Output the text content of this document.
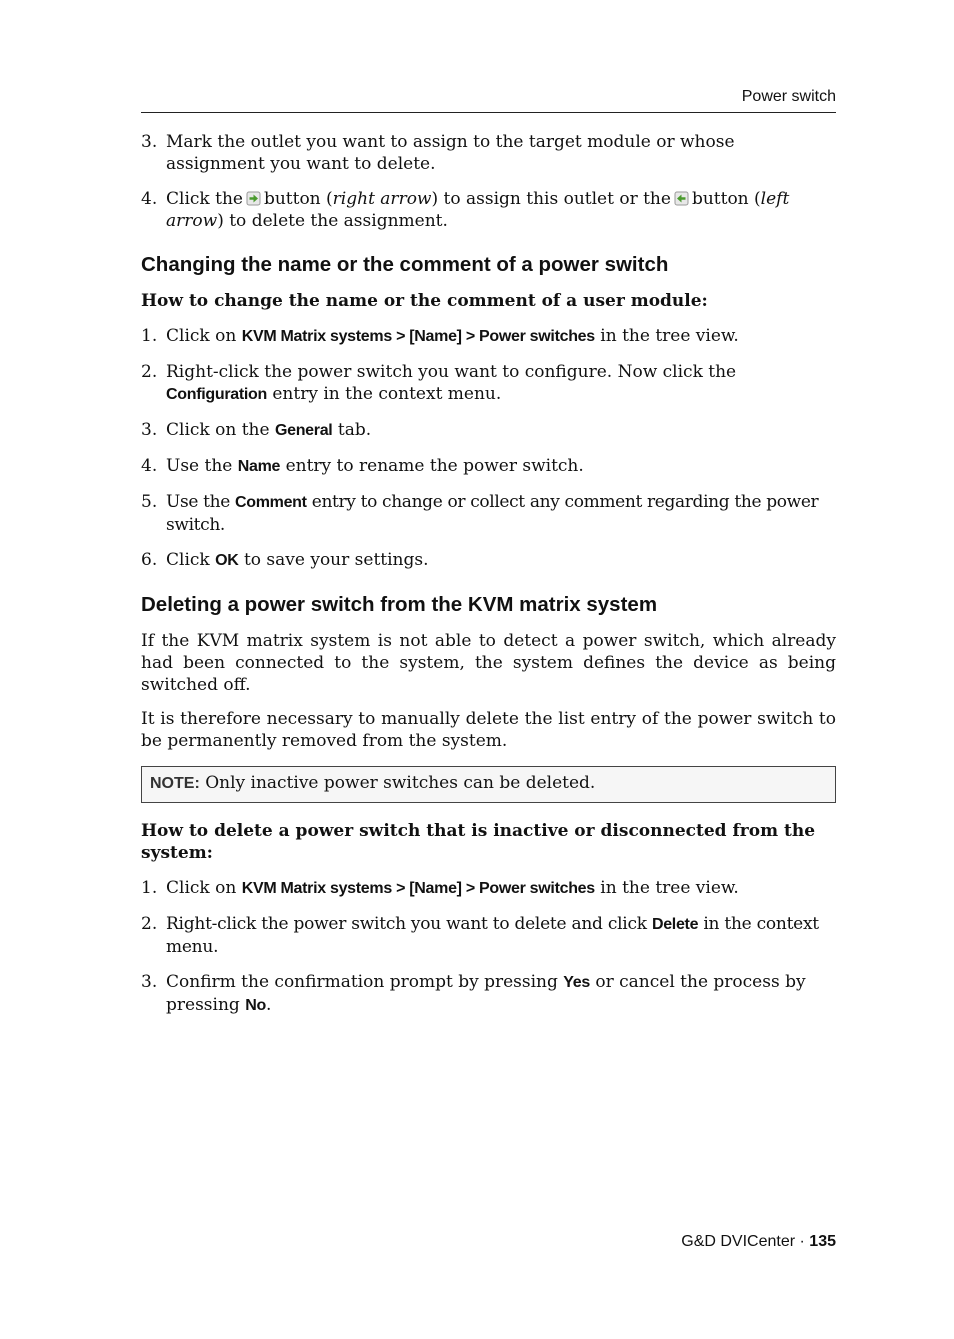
Power switch
3. Mark the outlet you want to assign to the target module or whose assignment you want to delete.
4. Click the button (right arrow) to assign this outlet or the button (left arrow) to delete the assignment.
Changing the name or the comment of a power switch
How to change the name or the comment of a user module:
1. Click on KVM Matrix systems > [Name] > Power switches in the tree view.
2. Right-click the power switch you want to configure. Now click the Configuration entry in the context menu.
3. Click on the General tab.
4. Use the Name entry to rename the power switch.
5. Use the Comment entry to change or collect any comment regarding the power switch.
6. Click OK to save your settings.
Deleting a power switch from the KVM matrix system
If the KVM matrix system is not able to detect a power switch, which already had been connected to the system, the system defines the device as being switched off.
It is therefore necessary to manually delete the list entry of the power switch to be permanently removed from the system.
NOTE: Only inactive power switches can be deleted.
How to delete a power switch that is inactive or disconnected from the system:
1. Click on KVM Matrix systems > [Name] > Power switches in the tree view.
2. Right-click the power switch you want to delete and click Delete in the context menu.
3. Confirm the confirmation prompt by pressing Yes or cancel the process by pressing No.
G&D DVICenter · 135
